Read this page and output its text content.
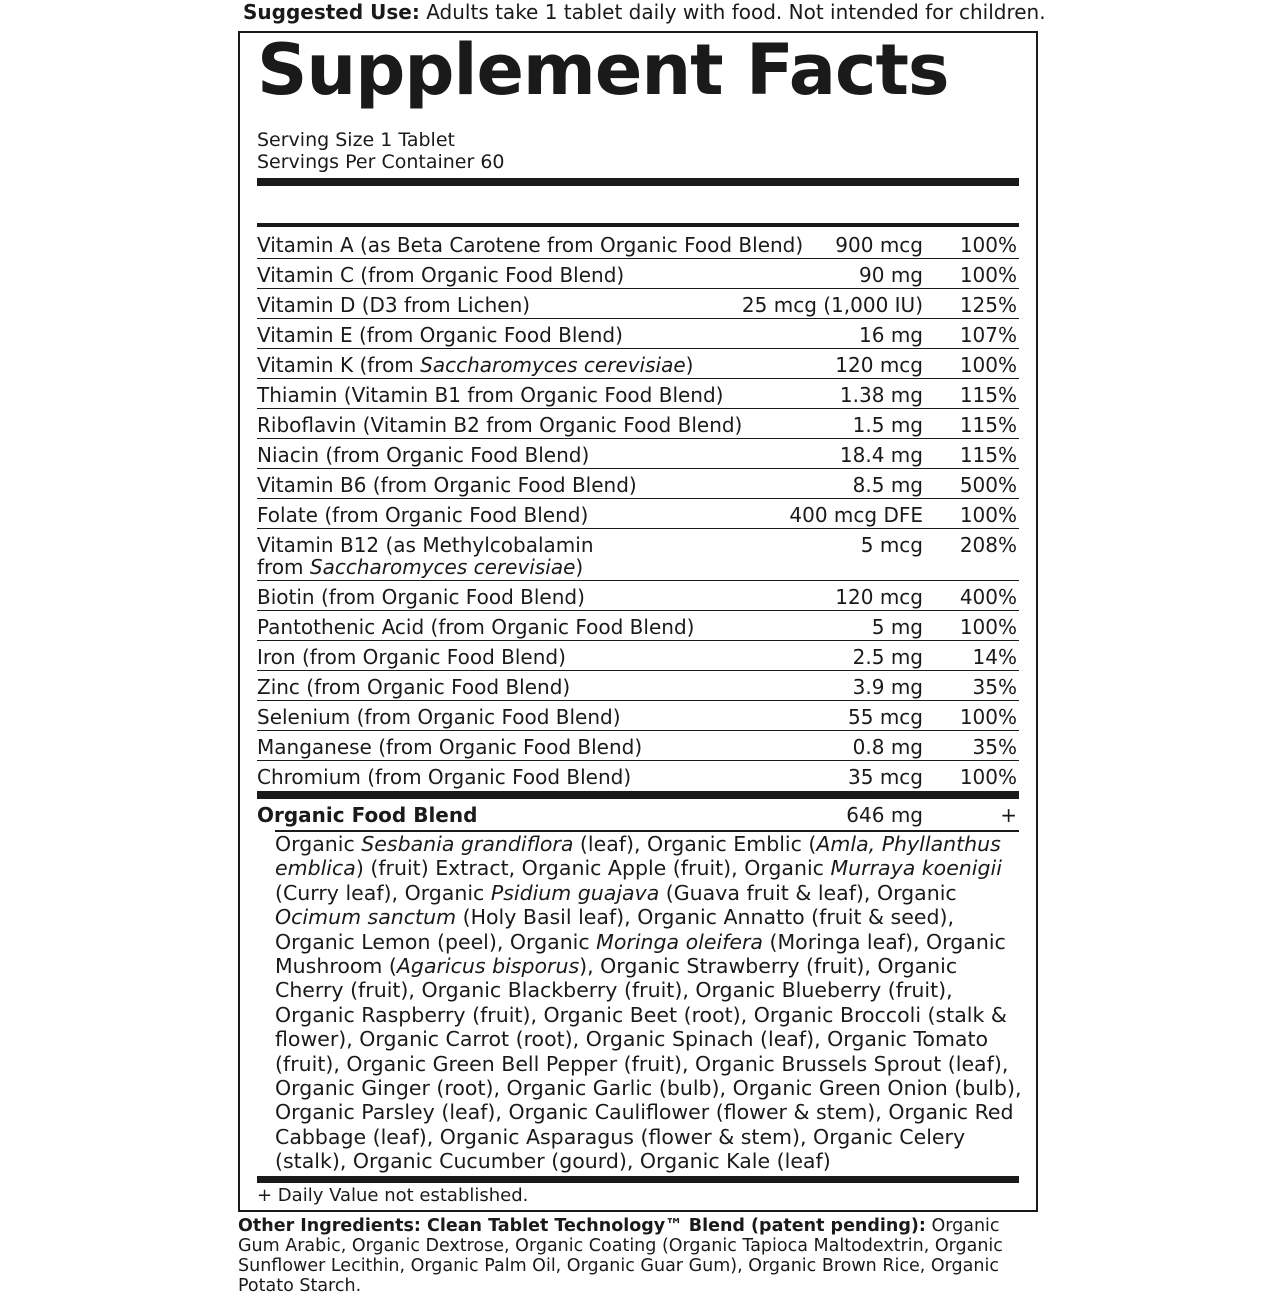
Suggested Use: Adults take 1 tablet daily with food. Not intended for children.
Supplement Facts
Serving Size 1 Tablet
Servings Per Container 60
Vitamin A (as Beta Carotene from Organic Food Blend) 900 mcg 100%
Vitamin C (from Organic Food Blend)	90 mg 100%
Vitamin D (D3 from Lichen)	25 mcg (1,000 IU) 125%
Vitamin E (from Organic Food Blend)	16 mg 107%
Vitamin K (from Saccharomyces cerevisiae)	120 mcg 100%
Thiamin (Vitamin B1 from Organic Food Blend)	1.38 mg 115%
Riboflavin (Vitamin B2 from Organic Food Blend)	1.5 mg 115%
Niacin (from Organic Food Blend)	18.4 mg 115%
Vitamin B6 (from Organic Food Blend)	8.5 mg 500%
Folate (from Organic Food Blend)	400 mcg DFE 100%
Vitamin B12 (as Methylcobalamin
from Saccharomyces cerevisiae)
5 mcg 208%
Biotin (from Organic Food Blend)	120 mcg 400%
Pantothenic Acid (from Organic Food Blend)	5 mg 100%
Iron (from Organic Food Blend)	2.5 mg 14%
Zinc (from Organic Food Blend)	3.9 mg 35%
Selenium (from Organic Food Blend)	55 mcg 100%
Manganese (from Organic Food Blend)	0.8 mg 35%
Chromium (from Organic Food Blend)	35 mcg 100%
Organic Food Blend	646 mg	+
Organic Sesbania grandiflora (leaf), Organic Emblic (Amla, Phyllanthus emblica) (fruit) Extract, Organic Apple (fruit), Organic Murraya koenigii (Curry leaf), Organic Psidium guajava (Guava fruit & leaf), Organic Ocimum sanctum (Holy Basil leaf), Organic Annatto (fruit & seed), Organic Lemon (peel), Organic Moringa oleifera (Moringa leaf), Organic Mushroom (Agaricus bisporus), Organic Strawberry (fruit), Organic Cherry (fruit), Organic Blackberry (fruit), Organic Blueberry (fruit), Organic Raspberry (fruit), Organic Beet (root), Organic Broccoli (stalk & flower), Organic Carrot (root), Organic Spinach (leaf), Organic Tomato (fruit), Organic Green Bell Pepper (fruit), Organic Brussels Sprout (leaf), Organic Ginger (root), Organic Garlic (bulb), Organic Green Onion (bulb), Organic Parsley (leaf), Organic Cauliflower (flower & stem), Organic Red Cabbage (leaf), Organic Asparagus (flower & stem), Organic Celery (stalk), Organic Cucumber (gourd), Organic Kale (leaf)
+ Daily Value not established.
Other Ingredients: Clean Tablet Technology™ Blend (patent pending): Organic Gum Arabic, Organic Dextrose, Organic Coating (Organic Tapioca Maltodextrin, Organic Sunflower Lecithin, Organic Palm Oil, Organic Guar Gum), Organic Brown Rice, Organic Potato Starch.
